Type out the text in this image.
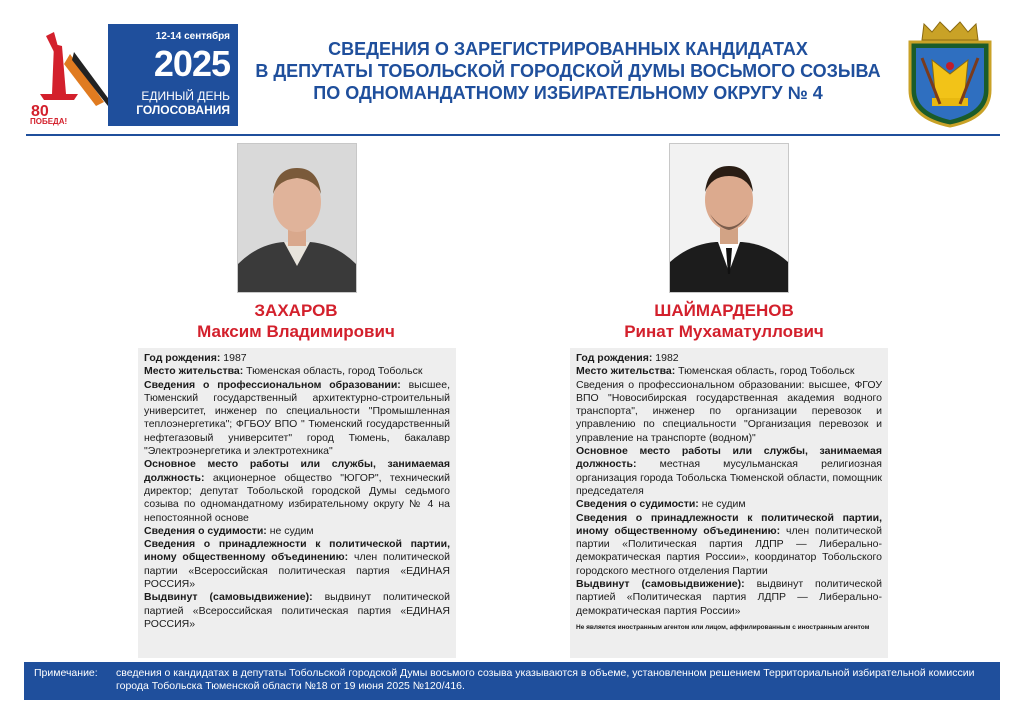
80
ПОБЕДА!
12-14 сентября
2025
ЕДИНЫЙ ДЕНЬ
ГОЛОСОВАНИЯ
СВЕДЕНИЯ О ЗАРЕГИСТРИРОВАННЫХ КАНДИДАТАХ
В ДЕПУТАТЫ ТОБОЛЬСКОЙ ГОРОДСКОЙ ДУМЫ ВОСЬМОГО СОЗЫВА
ПО ОДНОМАНДАТНОМУ ИЗБИРАТЕЛЬНОМУ ОКРУГУ № 4
ЗАХАРОВ
Максим Владимирович
ШАЙМАРДЕНОВ
Ринат Мухаматуллович

Год рождения: 1987

Место жительства: Тюменская область, город Тобольск

Сведения о профессиональном образовании: высшее, Тюменский государственный архитектурно-строительный университет, инженер по специальности "Промышленная теплоэнергетика"; ФГБОУ ВПО " Тюменский государственный нефтегазовый университет" город Тюмень, бакалавр "Электроэнергетика и электротехника"

Основное место работы или службы, занимаемая должность: акционерное общество "ЮГОР", технический директор; депутат Тобольской городской Думы седьмого созыва по одномандатному избирательному округу № 4 на непостоянной основе

Сведения о судимости: не судим

Сведения о принадлежности к политической партии, иному общественному объединению: член политической партии «Всероссийская политическая партия «ЕДИНАЯ РОССИЯ»

Выдвинут (самовыдвижение): выдвинут политической партией «Всероссийская политическая партия «ЕДИНАЯ РОССИЯ»

Год рождения: 1982

Место жительства: Тюменская область, город Тобольск

Сведения о профессиональном образовании: высшее, ФГОУ ВПО "Новосибирская государственная академия водного транспорта", инженер по организации перевозок и управлению по специальности "Организация перевозок и управление на транспорте (водном)"

Основное место работы или службы, занимаемая должность: местная мусульманская религиозная организация города Тобольска Тюменской области, помощник председателя

Сведения о судимости: не судим

Сведения о принадлежности к политической партии, иному общественному объединению: член политической партии «Политическая партия ЛДПР — Либерально-демократическая партия России», координатор Тобольского городского местного отделения Партии

Выдвинут (самовыдвижение): выдвинут политической партией «Политическая партия ЛДПР — Либерально-демократическая партия России»

Не является иностранным агентом или лицом, аффилированным с иностранным агентом

Примечание: сведения о кандидатах в депутаты Тобольской городской Думы восьмого созыва указываются в объеме, установленном решением Территориальной избирательной комиссии города Тобольска Тюменской области №18 от 19 июня 2025 №120/416.
